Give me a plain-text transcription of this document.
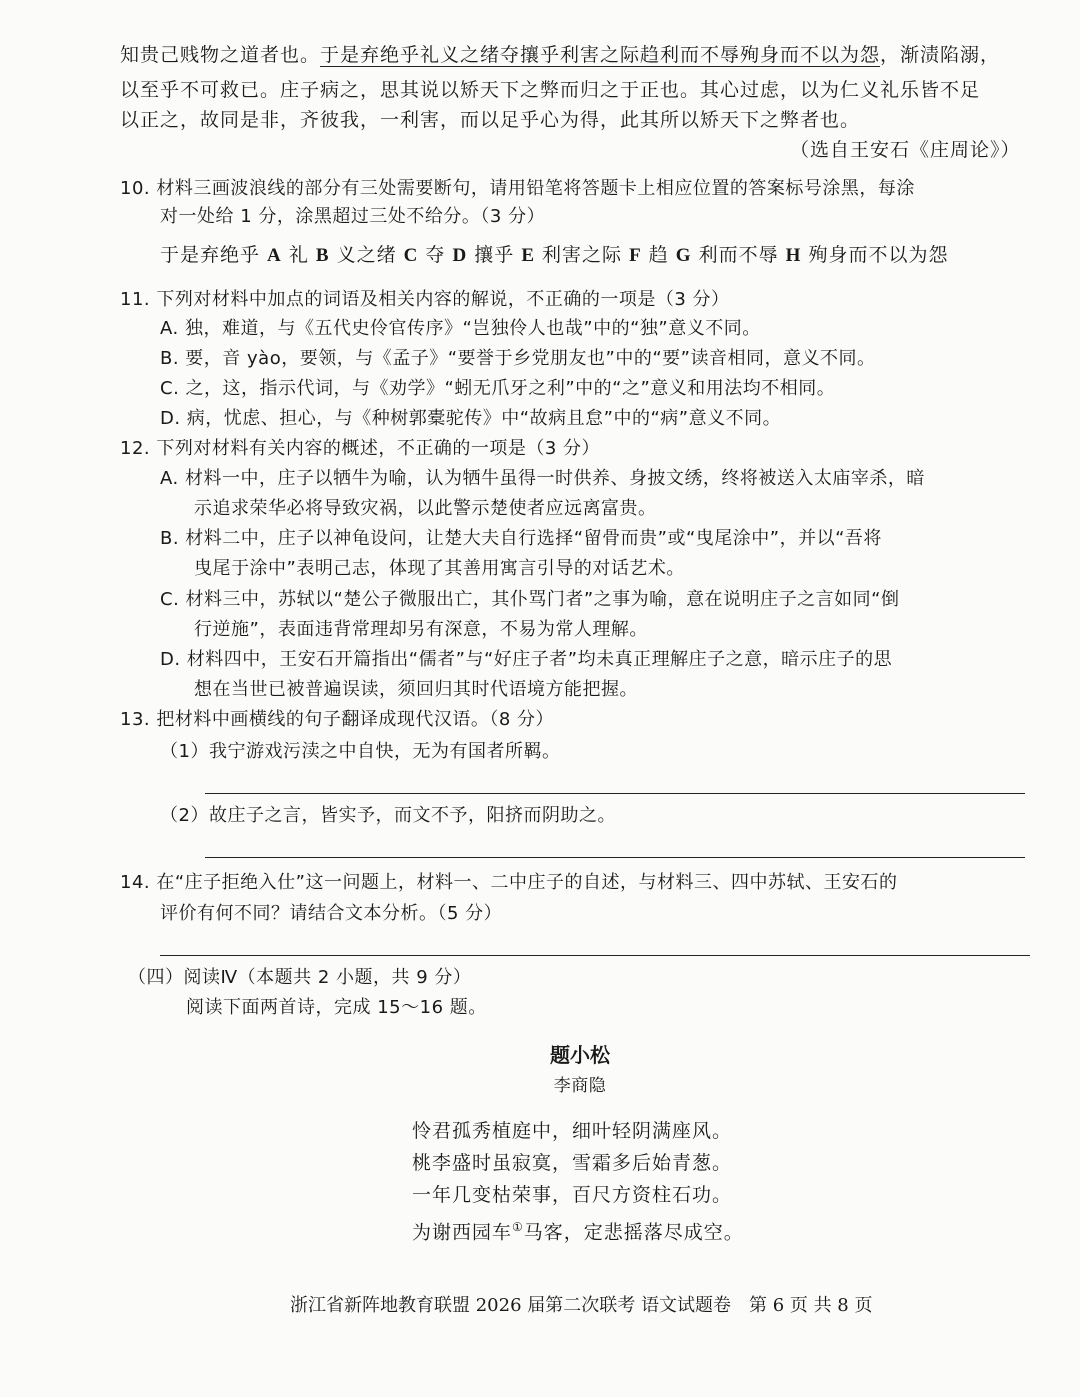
知贵己贱物之道者也。于是弃绝乎礼义之绪夺攘乎利害之际趋利而不辱殉身而不以为怨，渐渍陷溺，
以至乎不可救已。庄子病之，思其说以矫天下之弊而归之于正也。其心过虑，以为仁义礼乐皆不足
以正之，故同是非，齐彼我，一利害，而以足乎心为得，此其所以矫天下之弊者也。
（选自王安石《庄周论》）
10. 材料三画波浪线的部分有三处需要断句，请用铅笔将答题卡上相应位置的答案标号涂黑，每涂
对一处给 1 分，涂黑超过三处不给分。（3 分）
于是弃绝乎 A 礼 B 义之绪 C 夺 D 攘乎 E 利害之际 F 趋 G 利而不辱 H 殉身而不以为怨
11. 下列对材料中加点的词语及相关内容的解说，不正确的一项是（3 分）
A. 独，难道，与《五代史伶官传序》“岂独伶人也哉”中的“独”意义不同。
B. 要，音 yào，要领，与《孟子》“要誉于乡党朋友也”中的“要”读音相同，意义不同。
C. 之，这，指示代词，与《劝学》“蚓无爪牙之利”中的“之”意义和用法均不相同。
D. 病，忧虑、担心，与《种树郭橐驼传》中“故病且怠”中的“病”意义不同。
12. 下列对材料有关内容的概述，不正确的一项是（3 分）
A. 材料一中，庄子以牺牛为喻，认为牺牛虽得一时供养、身披文绣，终将被送入太庙宰杀，暗
示追求荣华必将导致灾祸，以此警示楚使者应远离富贵。
B. 材料二中，庄子以神龟设问，让楚大夫自行选择“留骨而贵”或“曳尾涂中”，并以“吾将
曳尾于涂中”表明己志，体现了其善用寓言引导的对话艺术。
C. 材料三中，苏轼以“楚公子微服出亡，其仆骂门者”之事为喻，意在说明庄子之言如同“倒
行逆施”，表面违背常理却另有深意，不易为常人理解。
D. 材料四中，王安石开篇指出“儒者”与“好庄子者”均未真正理解庄子之意，暗示庄子的思
想在当世已被普遍误读，须回归其时代语境方能把握。
13. 把材料中画横线的句子翻译成现代汉语。（8 分）
（1）我宁游戏污渎之中自快，无为有国者所羁。
（2）故庄子之言，皆实予，而文不予，阳挤而阴助之。
14. 在“庄子拒绝入仕”这一问题上，材料一、二中庄子的自述，与材料三、四中苏轼、王安石的
评价有何不同？请结合文本分析。（5 分）
（四）阅读Ⅳ（本题共 2 小题，共 9 分）
阅读下面两首诗，完成 15～16 题。
题小松
李商隐
怜君孤秀植庭中，细叶轻阴满座风。
桃李盛时虽寂寞，雪霜多后始青葱。
一年几变枯荣事，百尺方资柱石功。
为谢西园车①马客，定悲摇落尽成空。
浙江省新阵地教育联盟 2026 届第二次联考 语文试题卷　第 6 页 共 8 页
